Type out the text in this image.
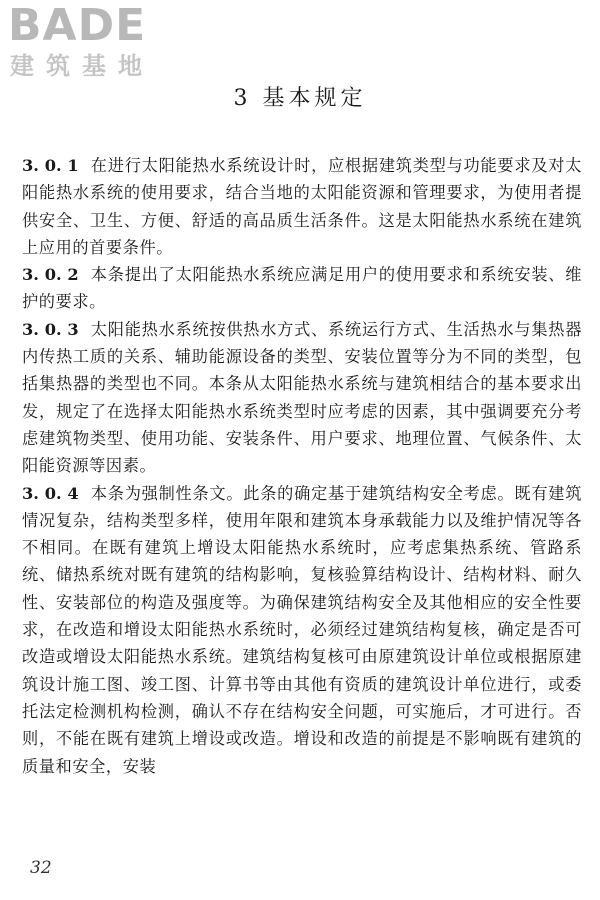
BADE
建筑基地
3 基本规定

3. 0. 1 在进行太阳能热水系统设计时，应根据建筑类型与功能要求及对太阳能热水系统的使用要求，结合当地的太阳能资源和管理要求，为使用者提供安全、卫生、方便、舒适的高品质生活条件。这是太阳能热水系统在建筑上应用的首要条件。

3. 0. 2 本条提出了太阳能热水系统应满足用户的使用要求和系统安装、维护的要求。

3. 0. 3 太阳能热水系统按供热水方式、系统运行方式、生活热水与集热器内传热工质的关系、辅助能源设备的类型、安装位置等分为不同的类型，包括集热器的类型也不同。本条从太阳能热水系统与建筑相结合的基本要求出发，规定了在选择太阳能热水系统类型时应考虑的因素，其中强调要充分考虑建筑物类型、使用功能、安装条件、用户要求、地理位置、气候条件、太阳能资源等因素。

3. 0. 4 本条为强制性条文。此条的确定基于建筑结构安全考虑。既有建筑情况复杂，结构类型多样，使用年限和建筑本身承载能力以及维护情况等各不相同。在既有建筑上增设太阳能热水系统时，应考虑集热系统、管路系统、储热系统对既有建筑的结构影响，复核验算结构设计、结构材料、耐久性、安装部位的构造及强度等。为确保建筑结构安全及其他相应的安全性要求，在改造和增设太阳能热水系统时，必须经过建筑结构复核，确定是否可改造或增设太阳能热水系统。建筑结构复核可由原建筑设计单位或根据原建筑设计施工图、竣工图、计算书等由其他有资质的建筑设计单位进行，或委托法定检测机构检测，确认不存在结构安全问题，可实施后，才可进行。否则，不能在既有建筑上增设或改造。增设和改造的前提是不影响既有建筑的质量和安全，安装

32
